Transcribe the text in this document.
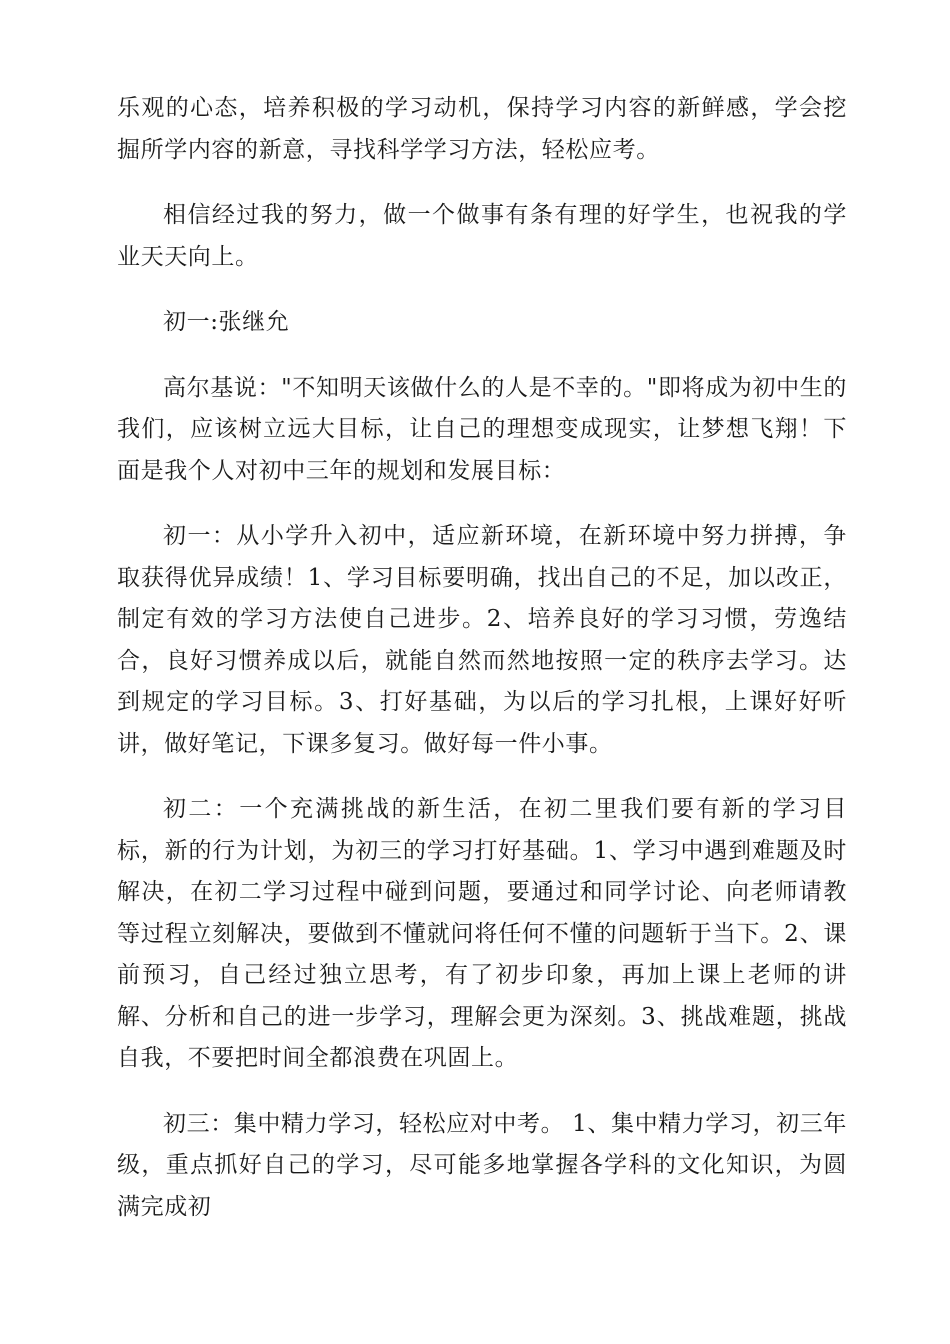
乐观的心态，培养积极的学习动机，保持学习内容的新鲜感，学会挖掘所学内容的新意，寻找科学学习方法，轻松应考。

相信经过我的努力，做一个做事有条有理的好学生，也祝我的学业天天向上。

初一:张继允

高尔基说："不知明天该做什么的人是不幸的。"即将成为初中生的我们，应该树立远大目标，让自己的理想变成现实，让梦想飞翔！下面是我个人对初中三年的规划和发展目标：

初一：从小学升入初中，适应新环境，在新环境中努力拼搏，争取获得优异成绩！1、学习目标要明确，找出自己的不足，加以改正，制定有效的学习方法使自己进步。2、培养良好的学习习惯，劳逸结合，良好习惯养成以后，就能自然而然地按照一定的秩序去学习。达到规定的学习目标。3、打好基础，为以后的学习扎根，上课好好听讲，做好笔记，下课多复习。做好每一件小事。

初二：一个充满挑战的新生活，在初二里我们要有新的学习目标，新的行为计划，为初三的学习打好基础。1、学习中遇到难题及时解决，在初二学习过程中碰到问题，要通过和同学讨论、向老师请教等过程立刻解决，要做到不懂就问将任何不懂的问题斩于当下。2、课前预习，自己经过独立思考，有了初步印象，再加上课上老师的讲解、分析和自己的进一步学习，理解会更为深刻。3、挑战难题，挑战自我，不要把时间全都浪费在巩固上。

初三：集中精力学习，轻松应对中考。 1、集中精力学习，初三年级，重点抓好自己的学习，尽可能多地掌握各学科的文化知识，为圆满完成初
